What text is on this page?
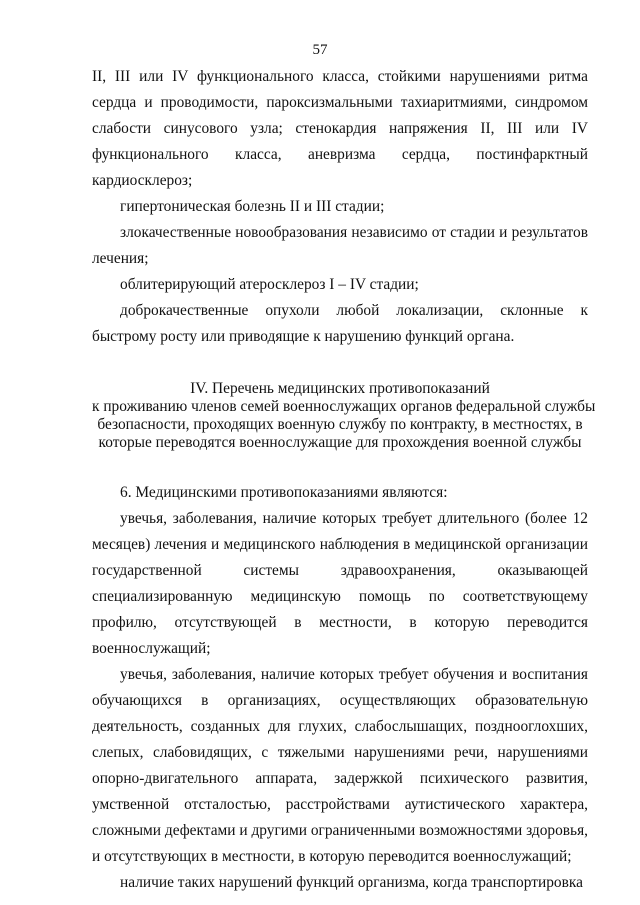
57

II, III или IV функционального класса, стойкими нарушениями ритма сердца и проводимости, пароксизмальными тахиаритмиями, синдромом слабости синусового узла; стенокардия напряжения II, III или IV функционального класса, аневризма сердца, постинфарктный кардиосклероз;

гипертоническая болезнь II и III стадии;

злокачественные новообразования независимо от стадии и результатов лечения;

облитерирующий атеросклероз I – IV стадии;

доброкачественные опухоли любой локализации, склонные к быстрому росту или приводящие к нарушению функций органа.

IV. Перечень медицинских противопоказаний
к проживанию членов семей военнослужащих органов федеральной службы
безопасности, проходящих военную службу по контракту, в местностях, в
которые переводятся военнослужащие для прохождения военной службы

6. Медицинскими противопоказаниями являются:

увечья, заболевания, наличие которых требует длительного (более 12 месяцев) лечения и медицинского наблюдения в медицинской организации государственной системы здравоохранения, оказывающей специализированную медицинскую помощь по соответствующему профилю, отсутствующей в местности, в которую переводится военнослужащий;

увечья, заболевания, наличие которых требует обучения и воспитания обучающихся в организациях, осуществляющих образовательную деятельность, созданных для глухих, слабослышащих, позднооглохших, слепых, слабовидящих, с тяжелыми нарушениями речи, нарушениями опорно-двигательного аппарата, задержкой психического развития, умственной отсталостью, расстройствами аутистического характера, сложными дефектами и другими ограниченными возможностями здоровья, и отсутствующих в местности, в которую переводится военнослужащий;

наличие таких нарушений функций организма, когда транспортировка
